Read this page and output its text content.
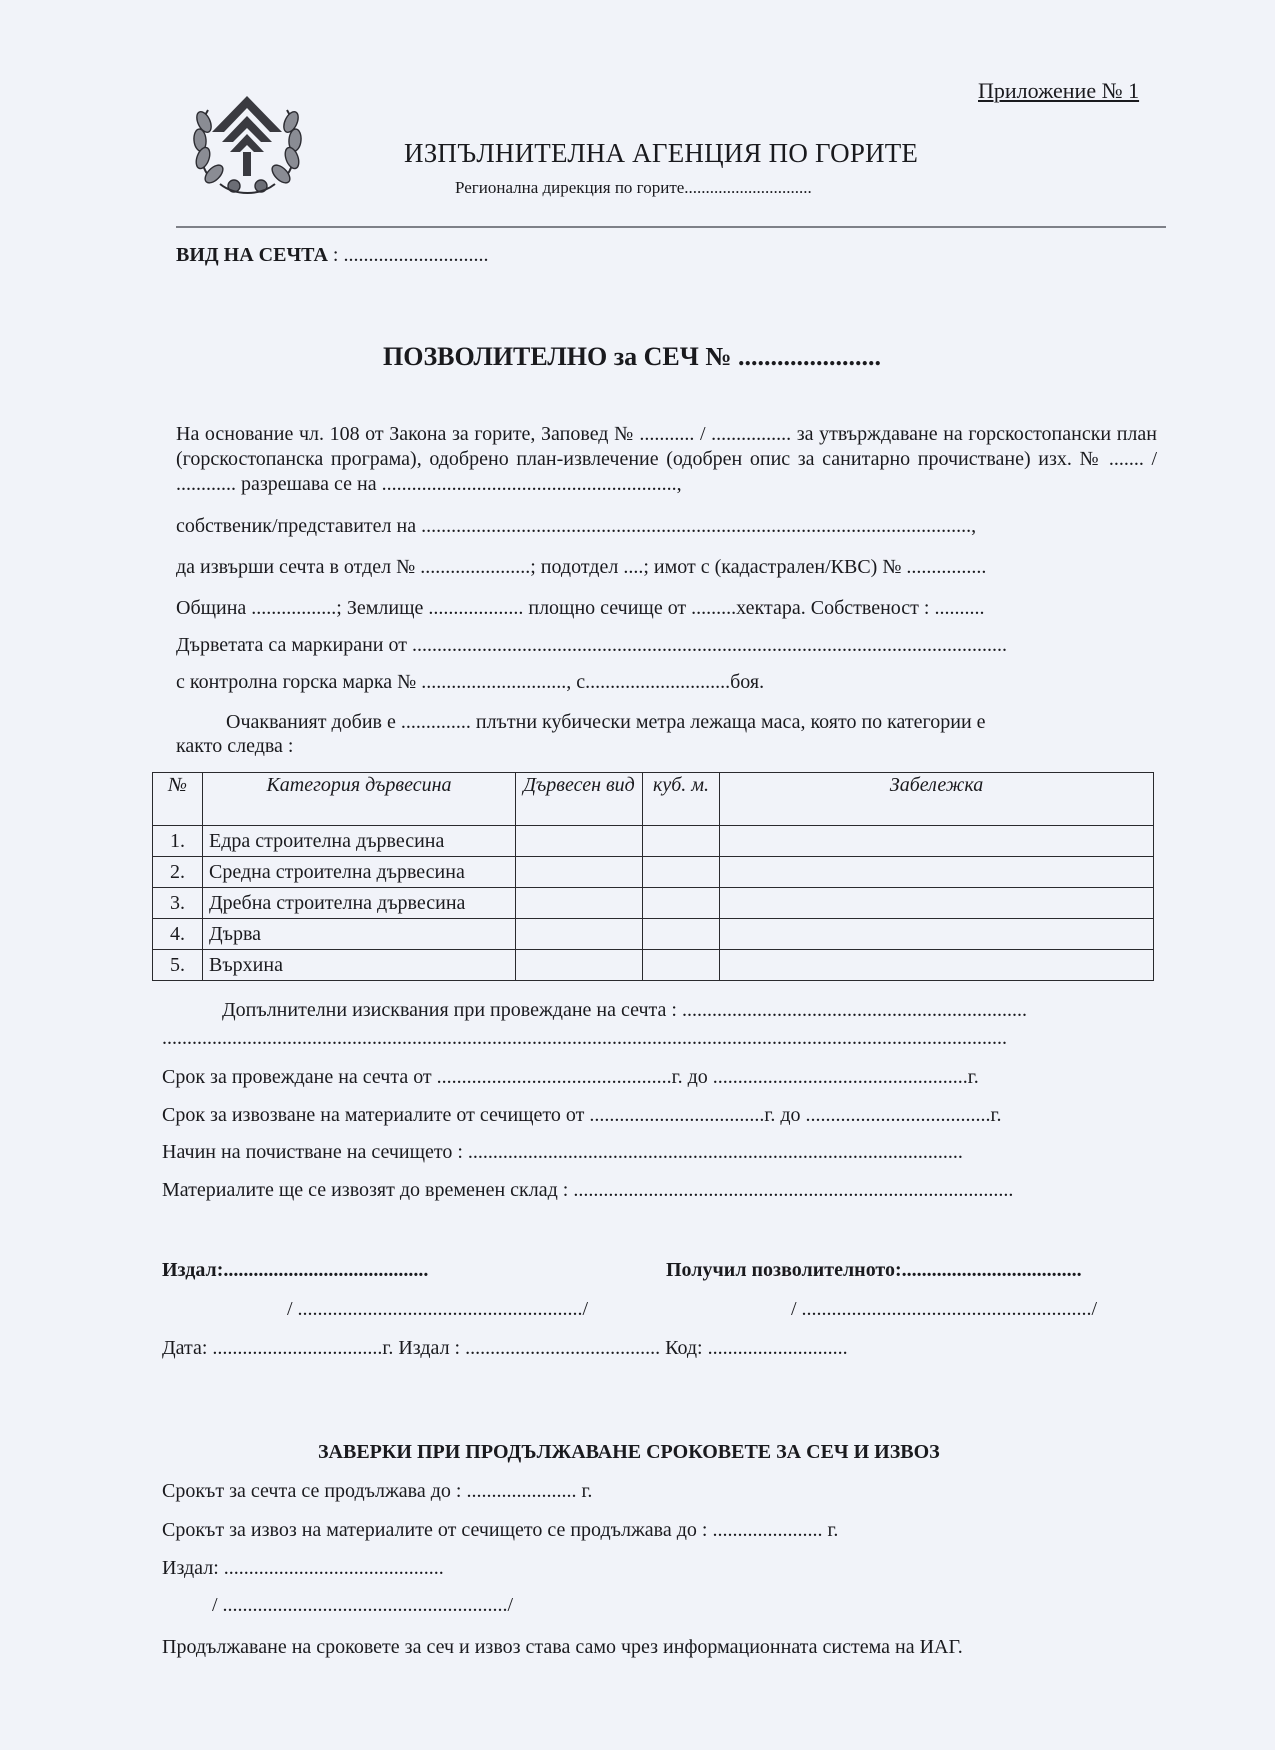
Приложение № 1
ИЗПЪЛНИТЕЛНА АГЕНЦИЯ ПО ГОРИТЕ
Регионална дирекция по горите..............................
ВИД НА СЕЧТА : .............................
ПОЗВОЛИТЕЛНО за СЕЧ № ......................
На основание чл. 108 от Закона за горите, Заповед № ........... / ................ за утвърждаване на горскостопански план (горскостопанска програма), одобрено план-извлечение (одобрен опис за санитарно прочистване) изх. № ....... / ............ разрешава се на ...........................................................,
собственик/представител на ..............................................................................................................,
да извърши сечта в отдел № ......................; подотдел ....; имот с (кадастрален/КВС) № ................
Община .................; Землище ................... площно сечище от .........хектара. Собственост : ..........
Дърветата са маркирани от .......................................................................................................................
с контролна горска марка № ............................., с.............................боя.
Очакваният добив е .............. плътни кубически метра лежаща маса, която по категории е
както следва :
№	Категория дървесина	Дървесен вид	куб. м.	Забележка
1.	Едра строителна дървесина			
2.	Средна строителна дървесина			
3.	Дребна строителна дървесина			
4.	Дърва			
5.	Върхина			
Допълнителни изисквания при провеждане на сечта : .....................................................................
.........................................................................................................................................................................
Срок за провеждане на сечта от ...............................................г. до ...................................................г.
Срок за извозване на материалите от сечището от ...................................г. до .....................................г.
Начин на почистване на сечището : ...................................................................................................
Материалите ще се извозят до временен склад : ........................................................................................
Издал:.........................................	Получил позволителното:....................................
/ ........................................................./	/ ........................................................../
Дата: ..................................г. Издал : ....................................... Код: ............................
ЗАВЕРКИ ПРИ ПРОДЪЛЖАВАНЕ СРОКОВЕТЕ ЗА СЕЧ И ИЗВОЗ
Срокът за сечта се продължава до : ...................... г.
Срокът за извоз на материалите от сечището се продължава до : ...................... г.
Издал: ............................................
/ ........................................................./
Продължаване на сроковете за сеч и извоз става само чрез информационната система на ИАГ.
